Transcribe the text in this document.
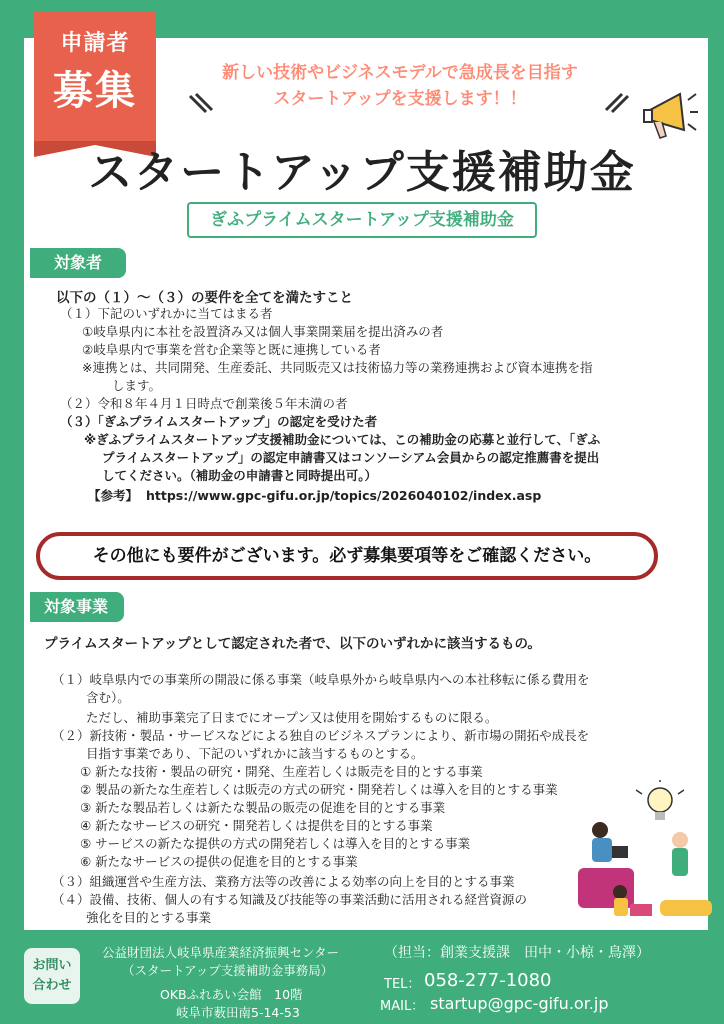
申請者
募集	新しい技術やビジネスモデルで急成長を目指す
スタートアップを支援します！！
スタートアップ支援補助金
ぎふプライムスタートアップ支援補助金
対象者
以下の（１）～（３）の要件を全てを満たすこと
（１）下記のいずれかに当てはまる者
①岐阜県内に本社を設置済み又は個人事業開業届を提出済みの者
②岐阜県内で事業を営む企業等と既に連携している者
※連携とは、共同開発、生産委託、共同販売又は技術協力等の業務連携および資本連携を指
します。
（２）令和８年４月１日時点で創業後５年未満の者
（３）「ぎふプライムスタートアップ」の認定を受けた者
※ぎふプライムスタートアップ支援補助金については、この補助金の応募と並行して、「ぎふ
プライムスタートアップ」の認定申請書又はコンソーシアム会員からの認定推薦書を提出
してください。（補助金の申請書と同時提出可。）
【参考】 https://www.gpc-gifu.or.jp/topics/2026040102/index.asp
その他にも要件がございます。必ず募集要項等をご確認ください。
対象事業
プライムスタートアップとして認定された者で、以下のいずれかに該当するもの。
（１）岐阜県内での事業所の開設に係る事業（岐阜県外から岐阜県内への本社移転に係る費用を
含む）。
ただし、補助事業完了日までにオープン又は使用を開始するものに限る。
（２）新技術・製品・サービスなどによる独自のビジネスプランにより、新市場の開拓や成長を
目指す事業であり、下記のいずれかに該当するものとする。
① 新たな技術・製品の研究・開発、生産若しくは販売を目的とする事業
② 製品の新たな生産若しくは販売の方式の研究・開発若しくは導入を目的とする事業
③ 新たな製品若しくは新たな製品の販売の促進を目的とする事業
④ 新たなサービスの研究・開発若しくは提供を目的とする事業
⑤ サービスの新たな提供の方式の開発若しくは導入を目的とする事業
⑥ 新たなサービスの提供の促進を目的とする事業
（３）組織運営や生産方法、業務方法等の改善による効率の向上を目的とする事業
（４）設備、技術、個人の有する知識及び技能等の事業活動に活用される経営資源の
強化を目的とする事業
お問い
合わせ
公益財団法人岐阜県産業経済振興センター
（スタートアップ支援補助金事務局）
OKBふれあい会館　10階
岐阜市薮田南5-14-53
（担当：創業支援課　田中・小椋・鳥澤）
TEL： 058-277-1080
MAIL： startup@gpc-gifu.or.jp
